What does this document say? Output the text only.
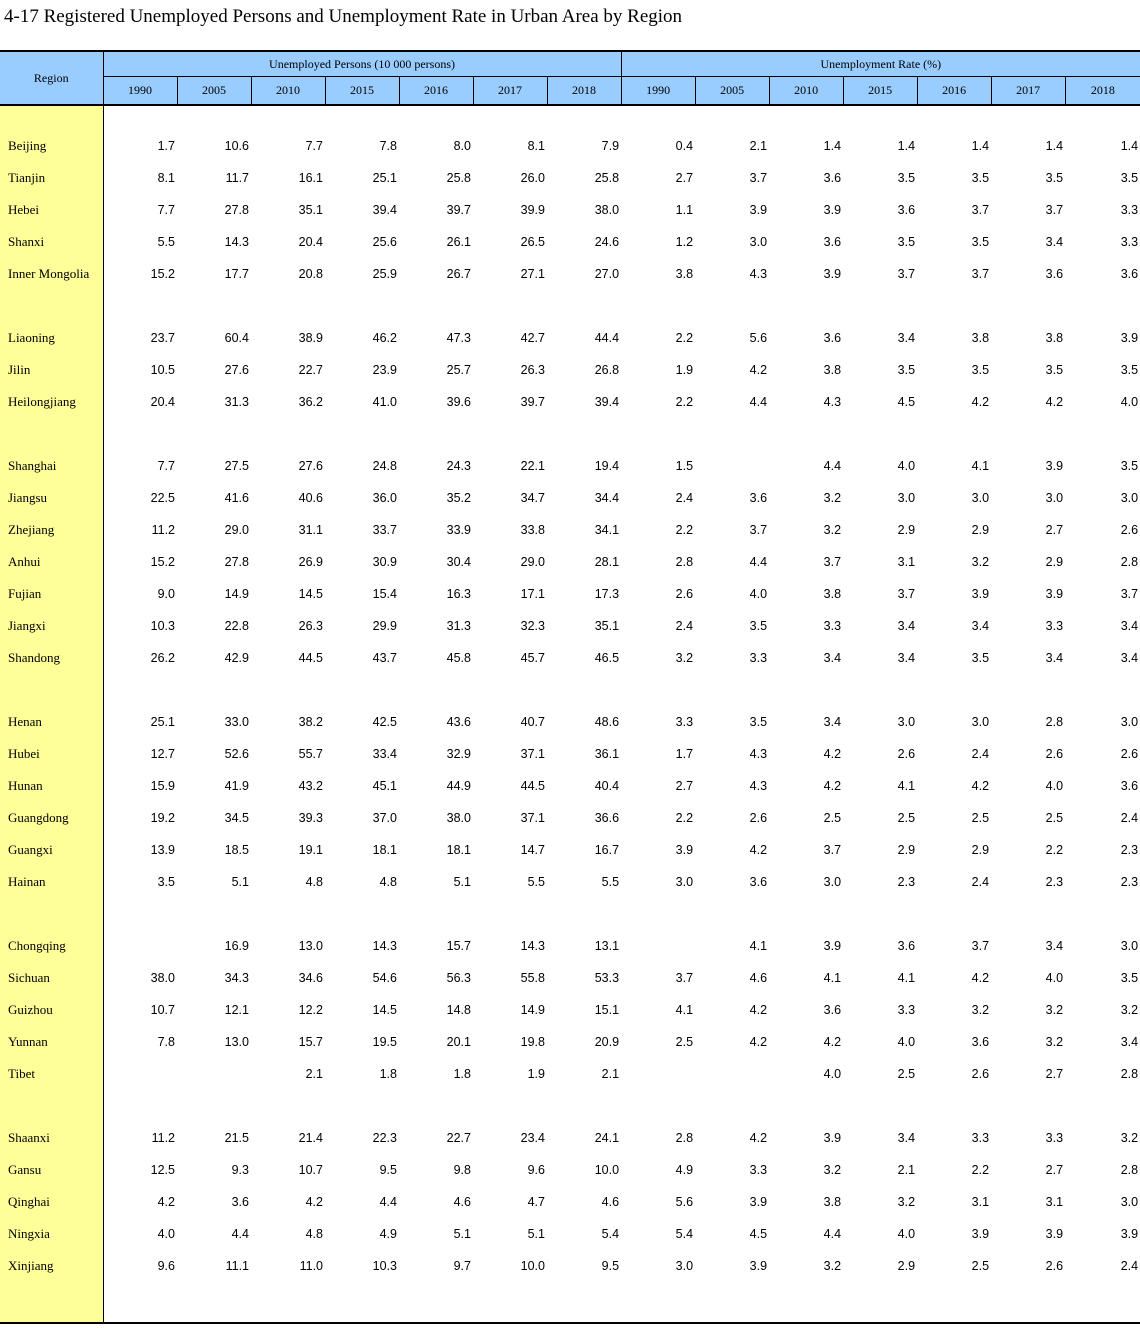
4-17 Registered Unemployed Persons and Unemployment Rate in Urban Area by Region
Region	Unemployed Persons (10 000 persons)							Unemployment Rate (%)						
	1990	2005	2010	2015	2016	2017	2018	1990	2005	2010	2015	2016	2017	2018

Beijing	1.7	10.6	7.7	7.8	8.0	8.1	7.9	0.4	2.1	1.4	1.4	1.4	1.4	1.4
Tianjin	8.1	11.7	16.1	25.1	25.8	26.0	25.8	2.7	3.7	3.6	3.5	3.5	3.5	3.5
Hebei	7.7	27.8	35.1	39.4	39.7	39.9	38.0	1.1	3.9	3.9	3.6	3.7	3.7	3.3
Shanxi	5.5	14.3	20.4	25.6	26.1	26.5	24.6	1.2	3.0	3.6	3.5	3.5	3.4	3.3
Inner Mongolia	15.2	17.7	20.8	25.9	26.7	27.1	27.0	3.8	4.3	3.9	3.7	3.7	3.6	3.6

Liaoning	23.7	60.4	38.9	46.2	47.3	42.7	44.4	2.2	5.6	3.6	3.4	3.8	3.8	3.9
Jilin	10.5	27.6	22.7	23.9	25.7	26.3	26.8	1.9	4.2	3.8	3.5	3.5	3.5	3.5
Heilongjiang	20.4	31.3	36.2	41.0	39.6	39.7	39.4	2.2	4.4	4.3	4.5	4.2	4.2	4.0

Shanghai	7.7	27.5	27.6	24.8	24.3	22.1	19.4	1.5		4.4	4.0	4.1	3.9	3.5
Jiangsu	22.5	41.6	40.6	36.0	35.2	34.7	34.4	2.4	3.6	3.2	3.0	3.0	3.0	3.0
Zhejiang	11.2	29.0	31.1	33.7	33.9	33.8	34.1	2.2	3.7	3.2	2.9	2.9	2.7	2.6
Anhui	15.2	27.8	26.9	30.9	30.4	29.0	28.1	2.8	4.4	3.7	3.1	3.2	2.9	2.8
Fujian	9.0	14.9	14.5	15.4	16.3	17.1	17.3	2.6	4.0	3.8	3.7	3.9	3.9	3.7
Jiangxi	10.3	22.8	26.3	29.9	31.3	32.3	35.1	2.4	3.5	3.3	3.4	3.4	3.3	3.4
Shandong	26.2	42.9	44.5	43.7	45.8	45.7	46.5	3.2	3.3	3.4	3.4	3.5	3.4	3.4

Henan	25.1	33.0	38.2	42.5	43.6	40.7	48.6	3.3	3.5	3.4	3.0	3.0	2.8	3.0
Hubei	12.7	52.6	55.7	33.4	32.9	37.1	36.1	1.7	4.3	4.2	2.6	2.4	2.6	2.6
Hunan	15.9	41.9	43.2	45.1	44.9	44.5	40.4	2.7	4.3	4.2	4.1	4.2	4.0	3.6
Guangdong	19.2	34.5	39.3	37.0	38.0	37.1	36.6	2.2	2.6	2.5	2.5	2.5	2.5	2.4
Guangxi	13.9	18.5	19.1	18.1	18.1	14.7	16.7	3.9	4.2	3.7	2.9	2.9	2.2	2.3
Hainan	3.5	5.1	4.8	4.8	5.1	5.5	5.5	3.0	3.6	3.0	2.3	2.4	2.3	2.3

Chongqing		16.9	13.0	14.3	15.7	14.3	13.1		4.1	3.9	3.6	3.7	3.4	3.0
Sichuan	38.0	34.3	34.6	54.6	56.3	55.8	53.3	3.7	4.6	4.1	4.1	4.2	4.0	3.5
Guizhou	10.7	12.1	12.2	14.5	14.8	14.9	15.1	4.1	4.2	3.6	3.3	3.2	3.2	3.2
Yunnan	7.8	13.0	15.7	19.5	20.1	19.8	20.9	2.5	4.2	4.2	4.0	3.6	3.2	3.4
Tibet			2.1	1.8	1.8	1.9	2.1			4.0	2.5	2.6	2.7	2.8

Shaanxi	11.2	21.5	21.4	22.3	22.7	23.4	24.1	2.8	4.2	3.9	3.4	3.3	3.3	3.2
Gansu	12.5	9.3	10.7	9.5	9.8	9.6	10.0	4.9	3.3	3.2	2.1	2.2	2.7	2.8
Qinghai	4.2	3.6	4.2	4.4	4.6	4.7	4.6	5.6	3.9	3.8	3.2	3.1	3.1	3.0
Ningxia	4.0	4.4	4.8	4.9	5.1	5.1	5.4	5.4	4.5	4.4	4.0	3.9	3.9	3.9
Xinjiang	9.6	11.1	11.0	10.3	9.7	10.0	9.5	3.0	3.9	3.2	2.9	2.5	2.6	2.4
